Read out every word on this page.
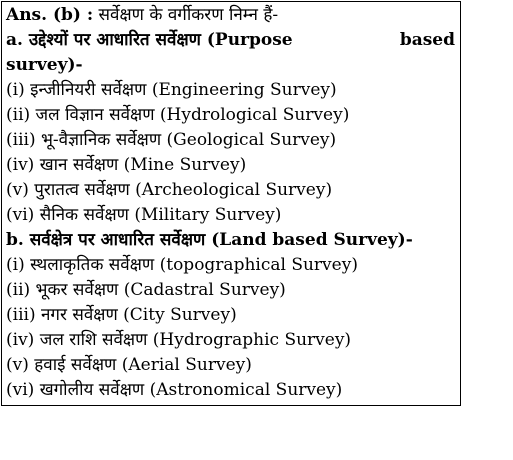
Ans. (b) : सर्वेक्षण के वर्गीकरण निम्न हैं-
a. उद्देश्यों पर आधारित सर्वेक्षण (Purpose	based
survey)-
(i) इन्जीनियरी सर्वेक्षण (Engineering Survey)
(ii) जल विज्ञान सर्वेक्षण (Hydrological Survey)
(iii) भू-वैज्ञानिक सर्वेक्षण (Geological Survey)
(iv) खान सर्वेक्षण (Mine Survey)
(v) पुरातत्व सर्वेक्षण (Archeological Survey)
(vi) सैनिक सर्वेक्षण (Military Survey)
b. सर्वक्षेत्र पर आधारित सर्वेक्षण (Land based Survey)-
(i) स्थलाकृतिक सर्वेक्षण (topographical Survey)
(ii) भूकर सर्वेक्षण (Cadastral Survey)
(iii) नगर सर्वेक्षण (City Survey)
(iv) जल राशि सर्वेक्षण (Hydrographic Survey)
(v) हवाई सर्वेक्षण (Aerial Survey)
(vi) खगोलीय सर्वेक्षण (Astronomical Survey)
